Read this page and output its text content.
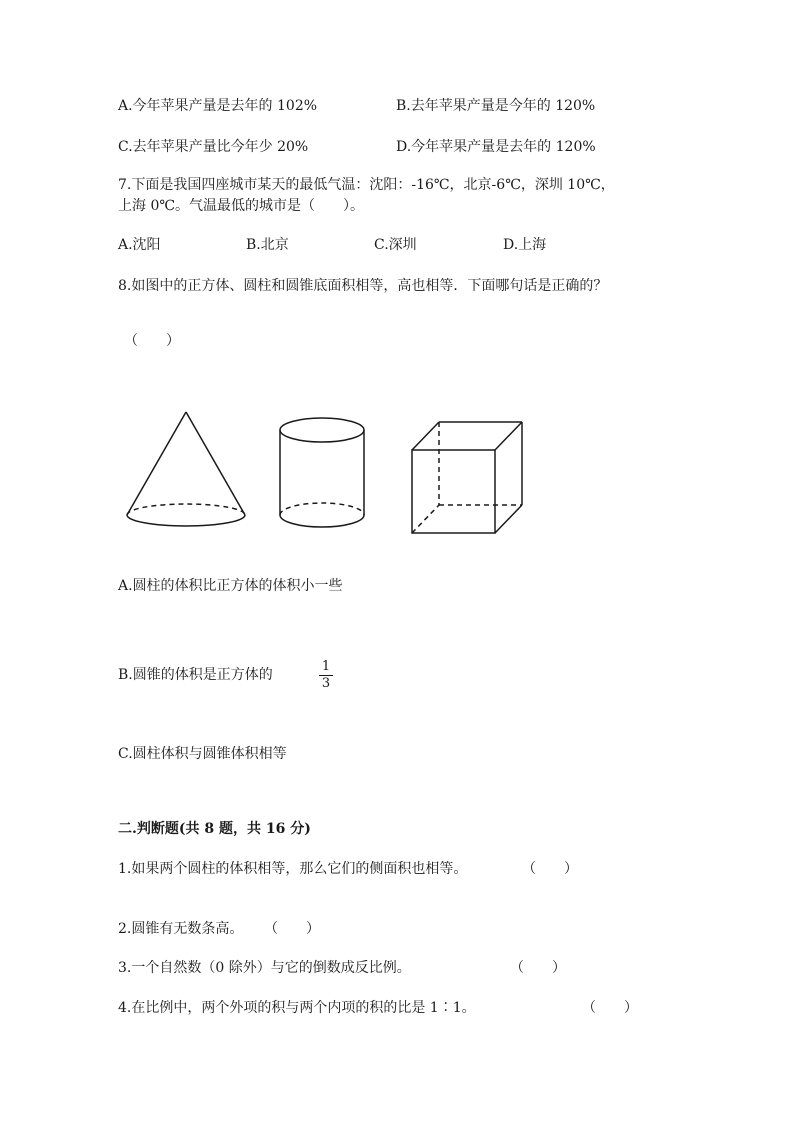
A.今年苹果产量是去年的 102%	B.去年苹果产量是今年的 120%
C.去年苹果产量比今年少 20%	D.今年苹果产量是去年的 120%
7.下面是我国四座城市某天的最低气温：沈阳：-16℃，北京-6℃，深圳 10℃，
上海 0℃。气温最低的城市是（　　）。
A.沈阳	B.北京	C.深圳	D.上海
8.如图中的正方体、圆柱和圆锥底面积相等，高也相等．下面哪句话是正确的？
（　　）
A.圆柱的体积比正方体的体积小一些
B.圆锥的体积是正方体的
1
3
C.圆柱体积与圆锥体积相等
二.判断题(共 8 题，共 16 分)
1.如果两个圆柱的体积相等，那么它们的侧面积也相等。	（　　）
2.圆锥有无数条高。 （　　）
3.一个自然数（0 除外）与它的倒数成反比例。	（　　）
4.在比例中，两个外项的积与两个内项的积的比是 1∶1。	（　　）
